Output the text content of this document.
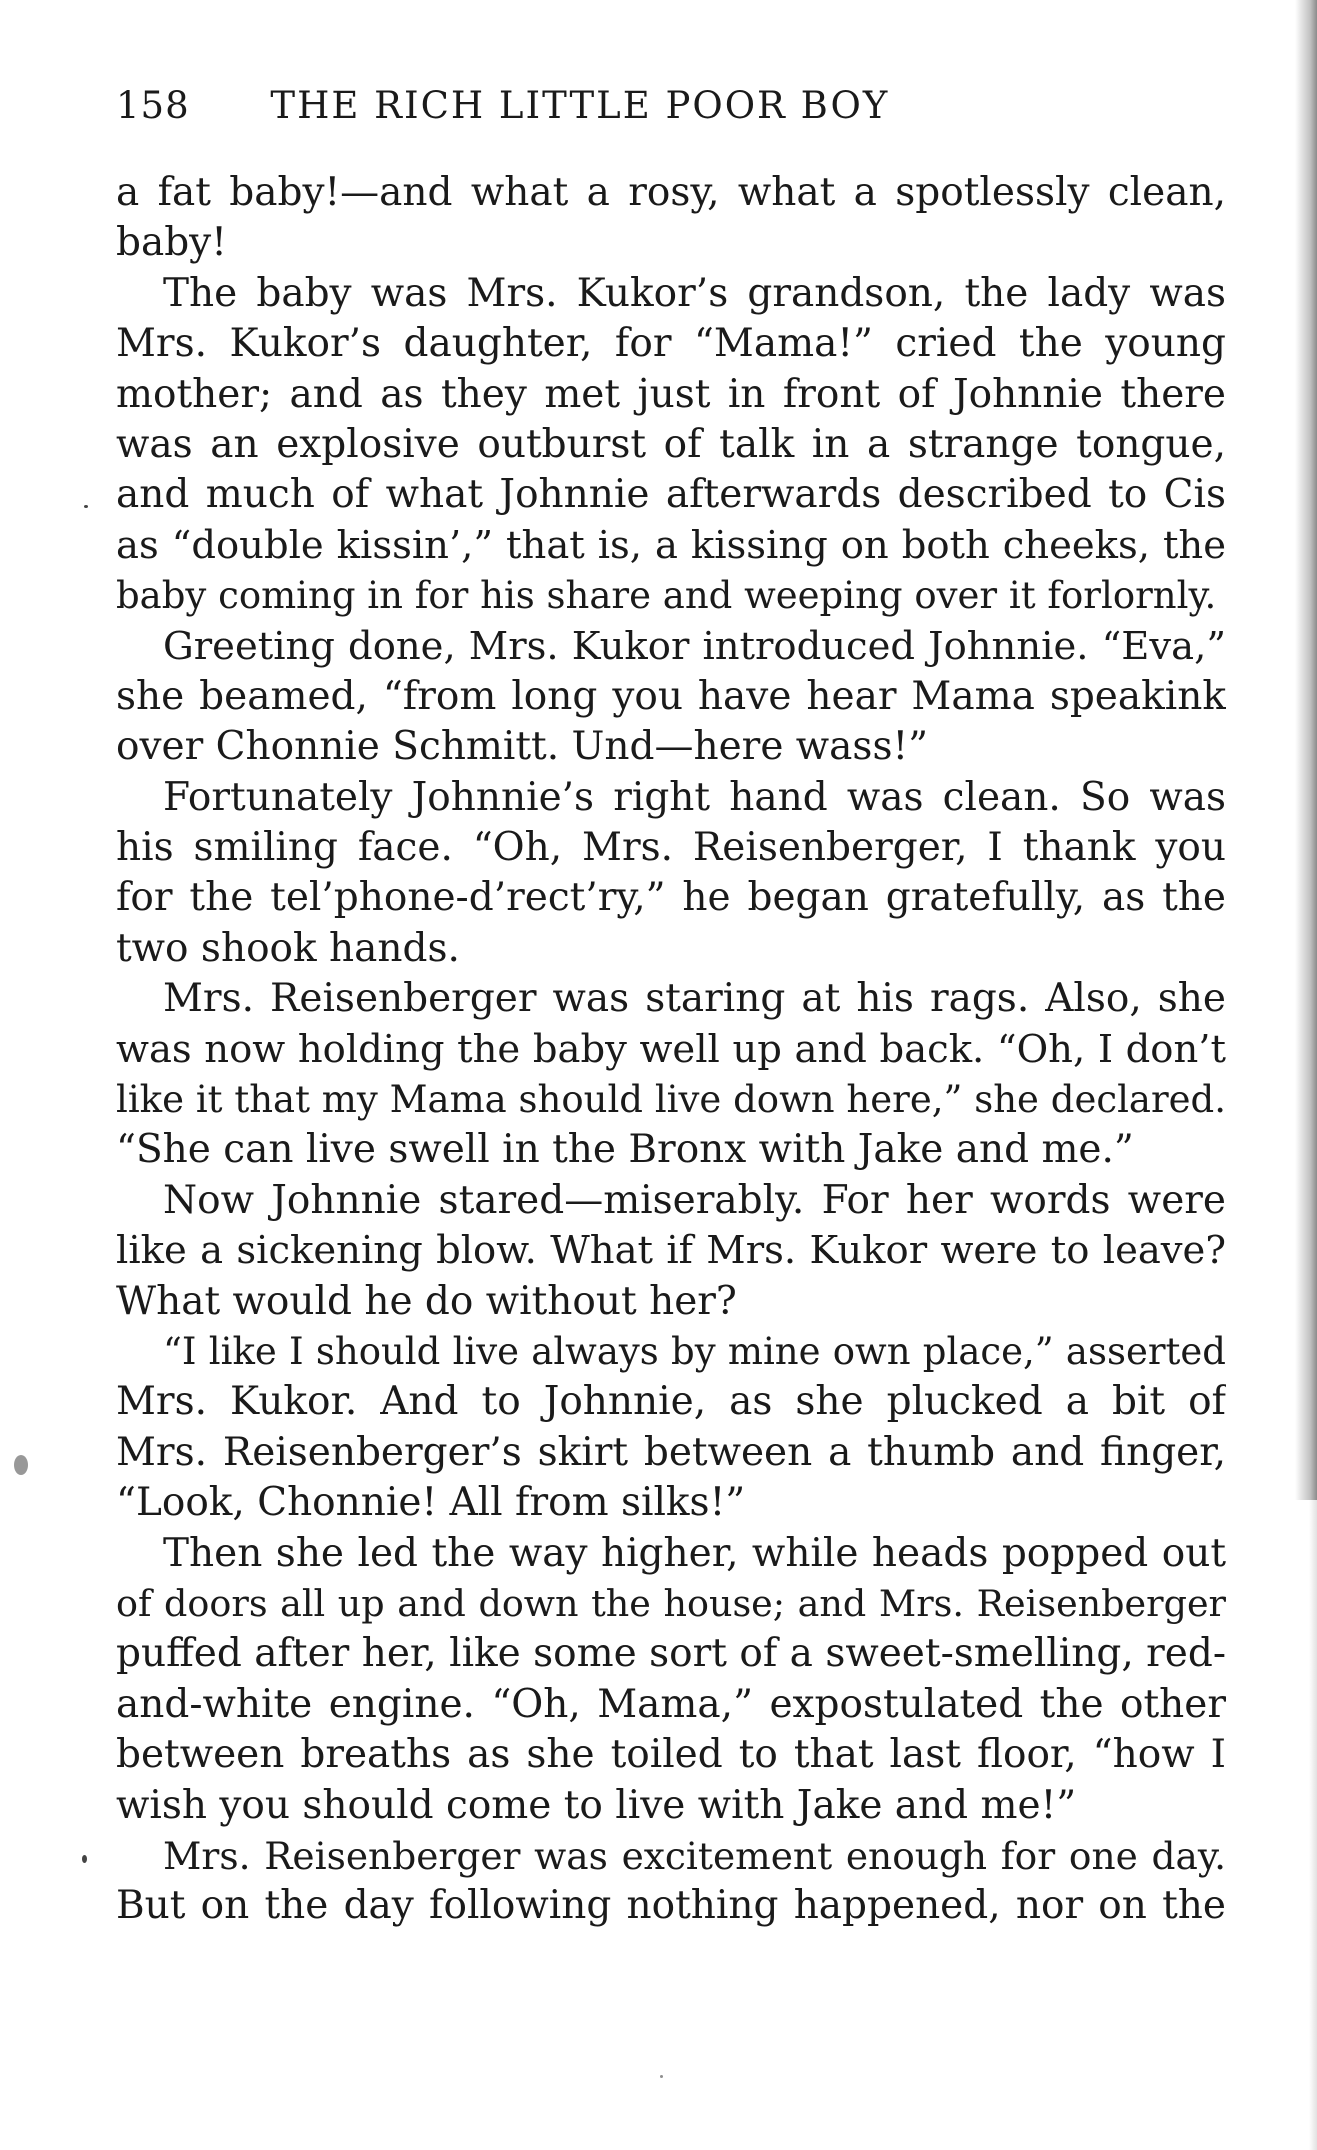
158 THE RICH LITTLE POOR BOY
a fat baby!—and what a rosy, what a spotlessly clean,
baby!
The baby was Mrs. Kukor’s grandson, the lady was
Mrs. Kukor’s daughter, for “Mama!” cried the young
mother; and as they met just in front of Johnnie there
was an explosive outburst of talk in a strange tongue,
and much of what Johnnie afterwards described to Cis
as “double kissin’,” that is, a kissing on both cheeks, the
baby coming in for his share and weeping over it forlornly.
Greeting done, Mrs. Kukor introduced Johnnie. “Eva,”
she beamed, “from long you have hear Mama speakink
over Chonnie Schmitt. Und—here wass!”
Fortunately Johnnie’s right hand was clean. So was
his smiling face. “Oh, Mrs. Reisenberger, I thank you
for the tel’phone-d’rect’ry,” he began gratefully, as the
two shook hands.
Mrs. Reisenberger was staring at his rags. Also, she
was now holding the baby well up and back. “Oh, I don’t
like it that my Mama should live down here,” she declared.
“She can live swell in the Bronx with Jake and me.”
Now Johnnie stared—miserably. For her words were
like a sickening blow. What if Mrs. Kukor were to leave?
What would he do without her?
“I like I should live always by mine own place,” asserted
Mrs. Kukor. And to Johnnie, as she plucked a bit of
Mrs. Reisenberger’s skirt between a thumb and finger,
“Look, Chonnie! All from silks!”
Then she led the way higher, while heads popped out
of doors all up and down the house; and Mrs. Reisenberger
puffed after her, like some sort of a sweet-smelling, red-
and-white engine. “Oh, Mama,” expostulated the other
between breaths as she toiled to that last floor, “how I
wish you should come to live with Jake and me!”
Mrs. Reisenberger was excitement enough for one day.
But on the day following nothing happened, nor on the
